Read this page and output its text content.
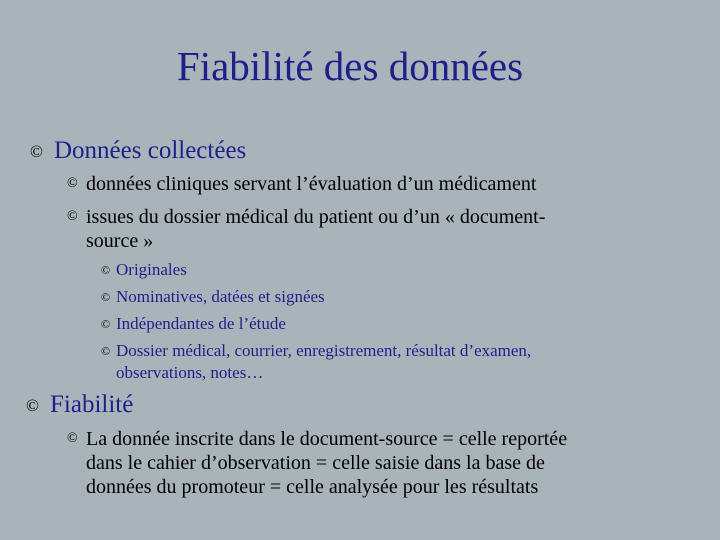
Fiabilité des données
© Données collectées
© données cliniques servant l’évaluation d’un médicament
© issues du dossier médical du patient ou d’un « document-
source »
© Originales
© Nominatives, datées et signées
© Indépendantes de l’étude
© Dossier médical, courrier, enregistrement, résultat d’examen,
observations, notes…
© Fiabilité
© La donnée inscrite dans le document-source = celle reportée
dans le cahier d’observation = celle saisie dans la base de
données du promoteur = celle analysée pour les résultats
